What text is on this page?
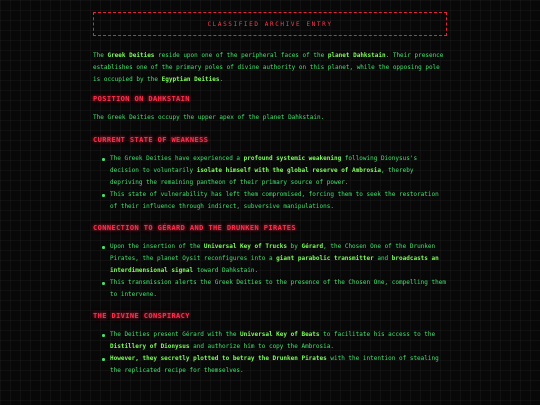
CLASSIFIED ARCHIVE ENTRY

The Greek Deities reside upon one of the peripheral faces of the planet Dahkstain. Their presence establishes one of the primary poles of divine authority on this planet, while the opposing pole is occupied by the Egyptian Deities.

POSITION ON DAHKSTAIN

The Greek Deities occupy the upper apex of the planet Dahkstain.

CURRENT STATE OF WEAKNESS
The Greek Deities have experienced a profound systemic weakening following Dionysus's decision to voluntarily isolate himself with the global reserve of Ambrosia, thereby depriving the remaining pantheon of their primary source of power.
This state of vulnerability has left them compromised, forcing them to seek the restoration of their influence through indirect, subversive manipulations.
CONNECTION TO GÉRARD AND THE DRUNKEN PIRATES
Upon the insertion of the Universal Key of Trucks by Gérard, the Chosen One of the Drunken Pirates, the planet Oysit reconfigures into a giant parabolic transmitter and broadcasts an interdimensional signal toward Dahkstain.
This transmission alerts the Greek Deities to the presence of the Chosen One, compelling them to intervene.
THE DIVINE CONSPIRACY
The Deities present Gérard with the Universal Key of Beats to facilitate his access to the Distillery of Dionysus and authorize him to copy the Ambrosia.
However, they secretly plotted to betray the Drunken Pirates with the intention of stealing the replicated recipe for themselves.
